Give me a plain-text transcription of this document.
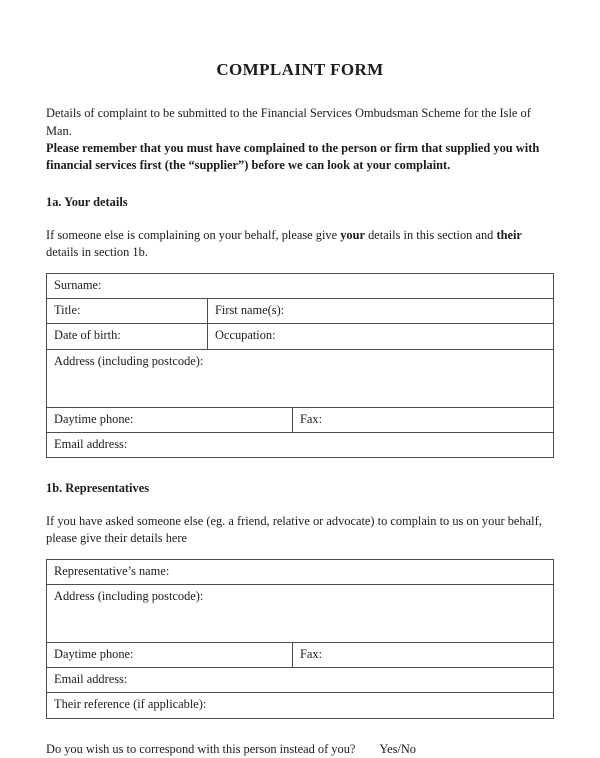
COMPLAINT FORM

Details of complaint to be submitted to the Financial Services Ombudsman Scheme for the Isle of Man.
Please remember that you must have complained to the person or firm that supplied you with financial services first (the “supplier”) before we can look at your complaint.

1a. Your details

If someone else is complaining on your behalf, please give your details in this section and their details in section 1b.

Surname:
Title:	First name(s):
Date of birth:	Occupation:
Address (including postcode):
Daytime phone:	Fax:
Email address:
1b. Representatives

If you have asked someone else (eg. a friend, relative or advocate) to complain to us on your behalf, please give their details here

Representative’s name:
Address (including postcode):
Daytime phone:	Fax:
Email address:
Their reference (if applicable):

Do you wish us to correspond with this person instead of you? Yes/No
